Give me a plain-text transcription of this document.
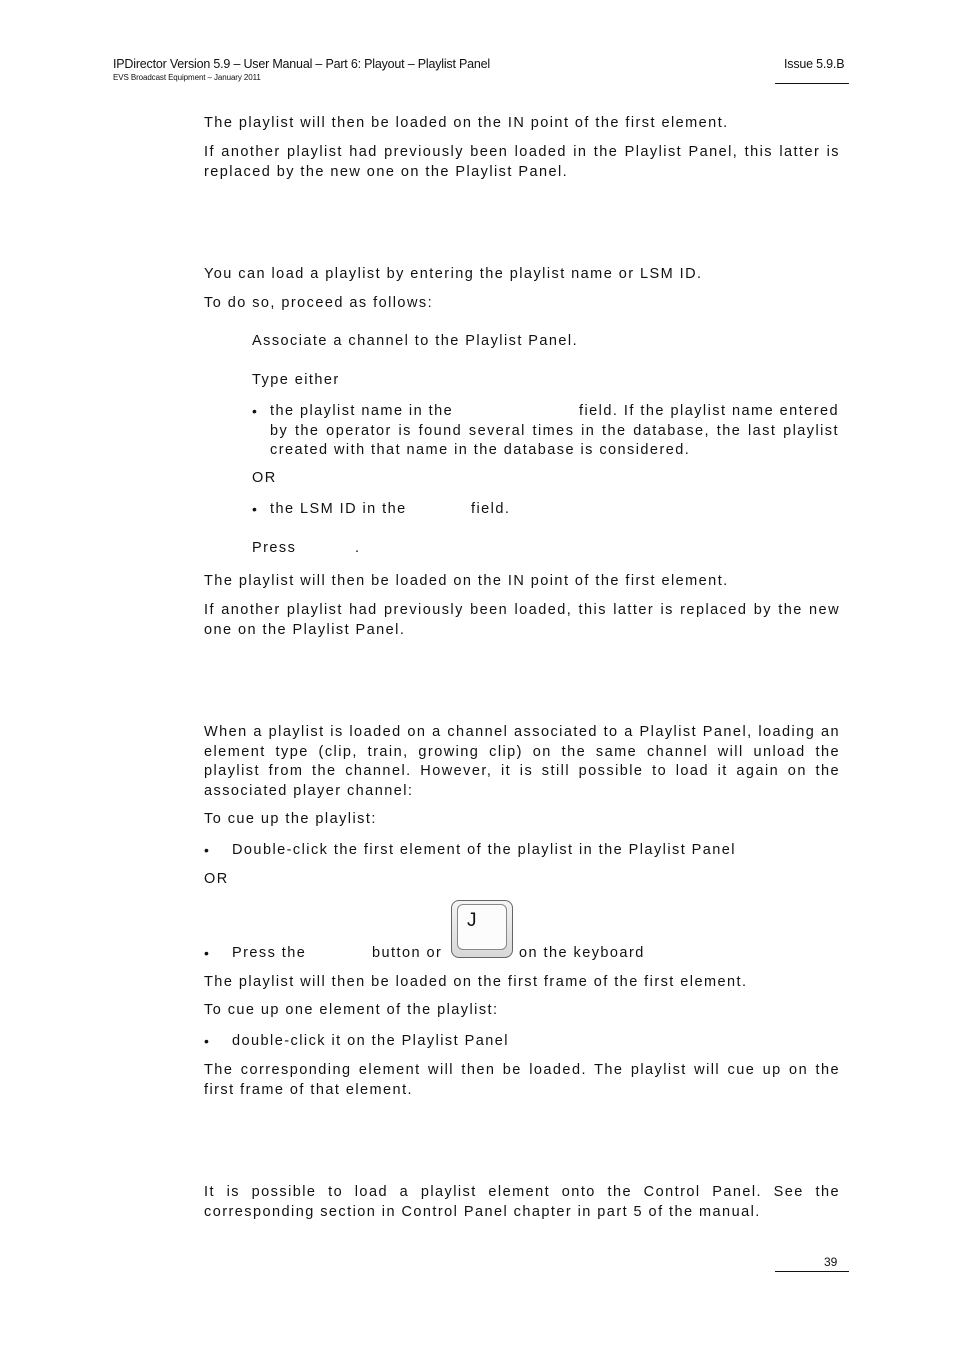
IPDirector Version 5.9 – User Manual – Part 6: Playout – Playlist Panel
EVS Broadcast Equipment – January 2011
Issue 5.9.B
The playlist will then be loaded on the IN point of the first element.
If another playlist had previously been loaded in the Playlist Panel, this latter is replaced by the new one on the Playlist Panel.
You can load a playlist by entering the playlist name or LSM ID.
To do so, proceed as follows:
Associate a channel to the Playlist Panel.
Type either
• the playlist name in the	field. If the playlist name entered by the operator is found several times in the database, the last playlist created with that name in the database is considered.
OR
• the LSM ID in the	field.
Press	.
The playlist will then be loaded on the IN point of the first element.
If another playlist had previously been loaded, this latter is replaced by the new one on the Playlist Panel.
When a playlist is loaded on a channel associated to a Playlist Panel, loading an element type (clip, train, growing clip) on the same channel will unload the playlist from the channel. However, it is still possible to load it again on the associated player channel:
To cue up the playlist:
• Double-click the first element of the playlist in the Playlist Panel
OR
J
• Press the	button or	on the keyboard
The playlist will then be loaded on the first frame of the first element.
To cue up one element of the playlist:
• double-click it on the Playlist Panel
The corresponding element will then be loaded. The playlist will cue up on the first frame of that element.
It is possible to load a playlist element onto the Control Panel. See the corresponding section in Control Panel chapter in part 5 of the manual.
39
